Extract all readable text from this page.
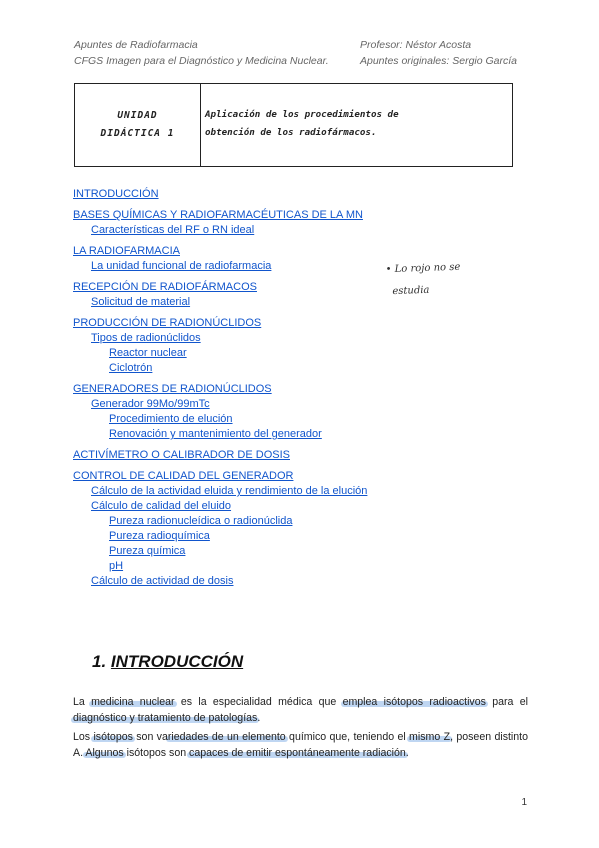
Apuntes de Radiofarmacia
CFGS Imagen para el Diagnóstico y Medicina Nuclear.
Profesor: Néstor Acosta
Apuntes originales: Sergio García
UNIDAD
DIDÁCTICA 1
Aplicación de los procedimientos de
obtención de los radiofármacos.
INTRODUCCIÓN
BASES QUÍMICAS Y RADIOFARMACÉUTICAS DE LA MN
Características del RF o RN ideal
LA RADIOFARMACIA
La unidad funcional de radiofarmacia
RECEPCIÓN DE RADIOFÁRMACOS
Solicitud de material
PRODUCCIÓN DE RADIONÚCLIDOS
Tipos de radionúclidos
Reactor nuclear
Ciclotrón
GENERADORES DE RADIONÚCLIDOS
Generador 99Mo/99mTc
Procedimiento de elución
Renovación y mantenimiento del generador
ACTIVÍMETRO O CALIBRADOR DE DOSIS
CONTROL DE CALIDAD DEL GENERADOR
Cálculo de la actividad eluida y rendimiento de la elución
Cálculo de calidad del eluido
Pureza radionucleídica o radionúclida
Pureza radioquímica
Pureza química
pH
Cálculo de actividad de dosis
• Lo rojo no se
estudia
1. INTRODUCCIÓN
La medicina nuclear es la especialidad médica que emplea isótopos radioactivos para el diagnóstico y tratamiento de patologías.
Los isótopos son variedades de un elemento químico que, teniendo el mismo Z, poseen distinto A. Algunos isótopos son capaces de emitir espontáneamente radiación.
1
